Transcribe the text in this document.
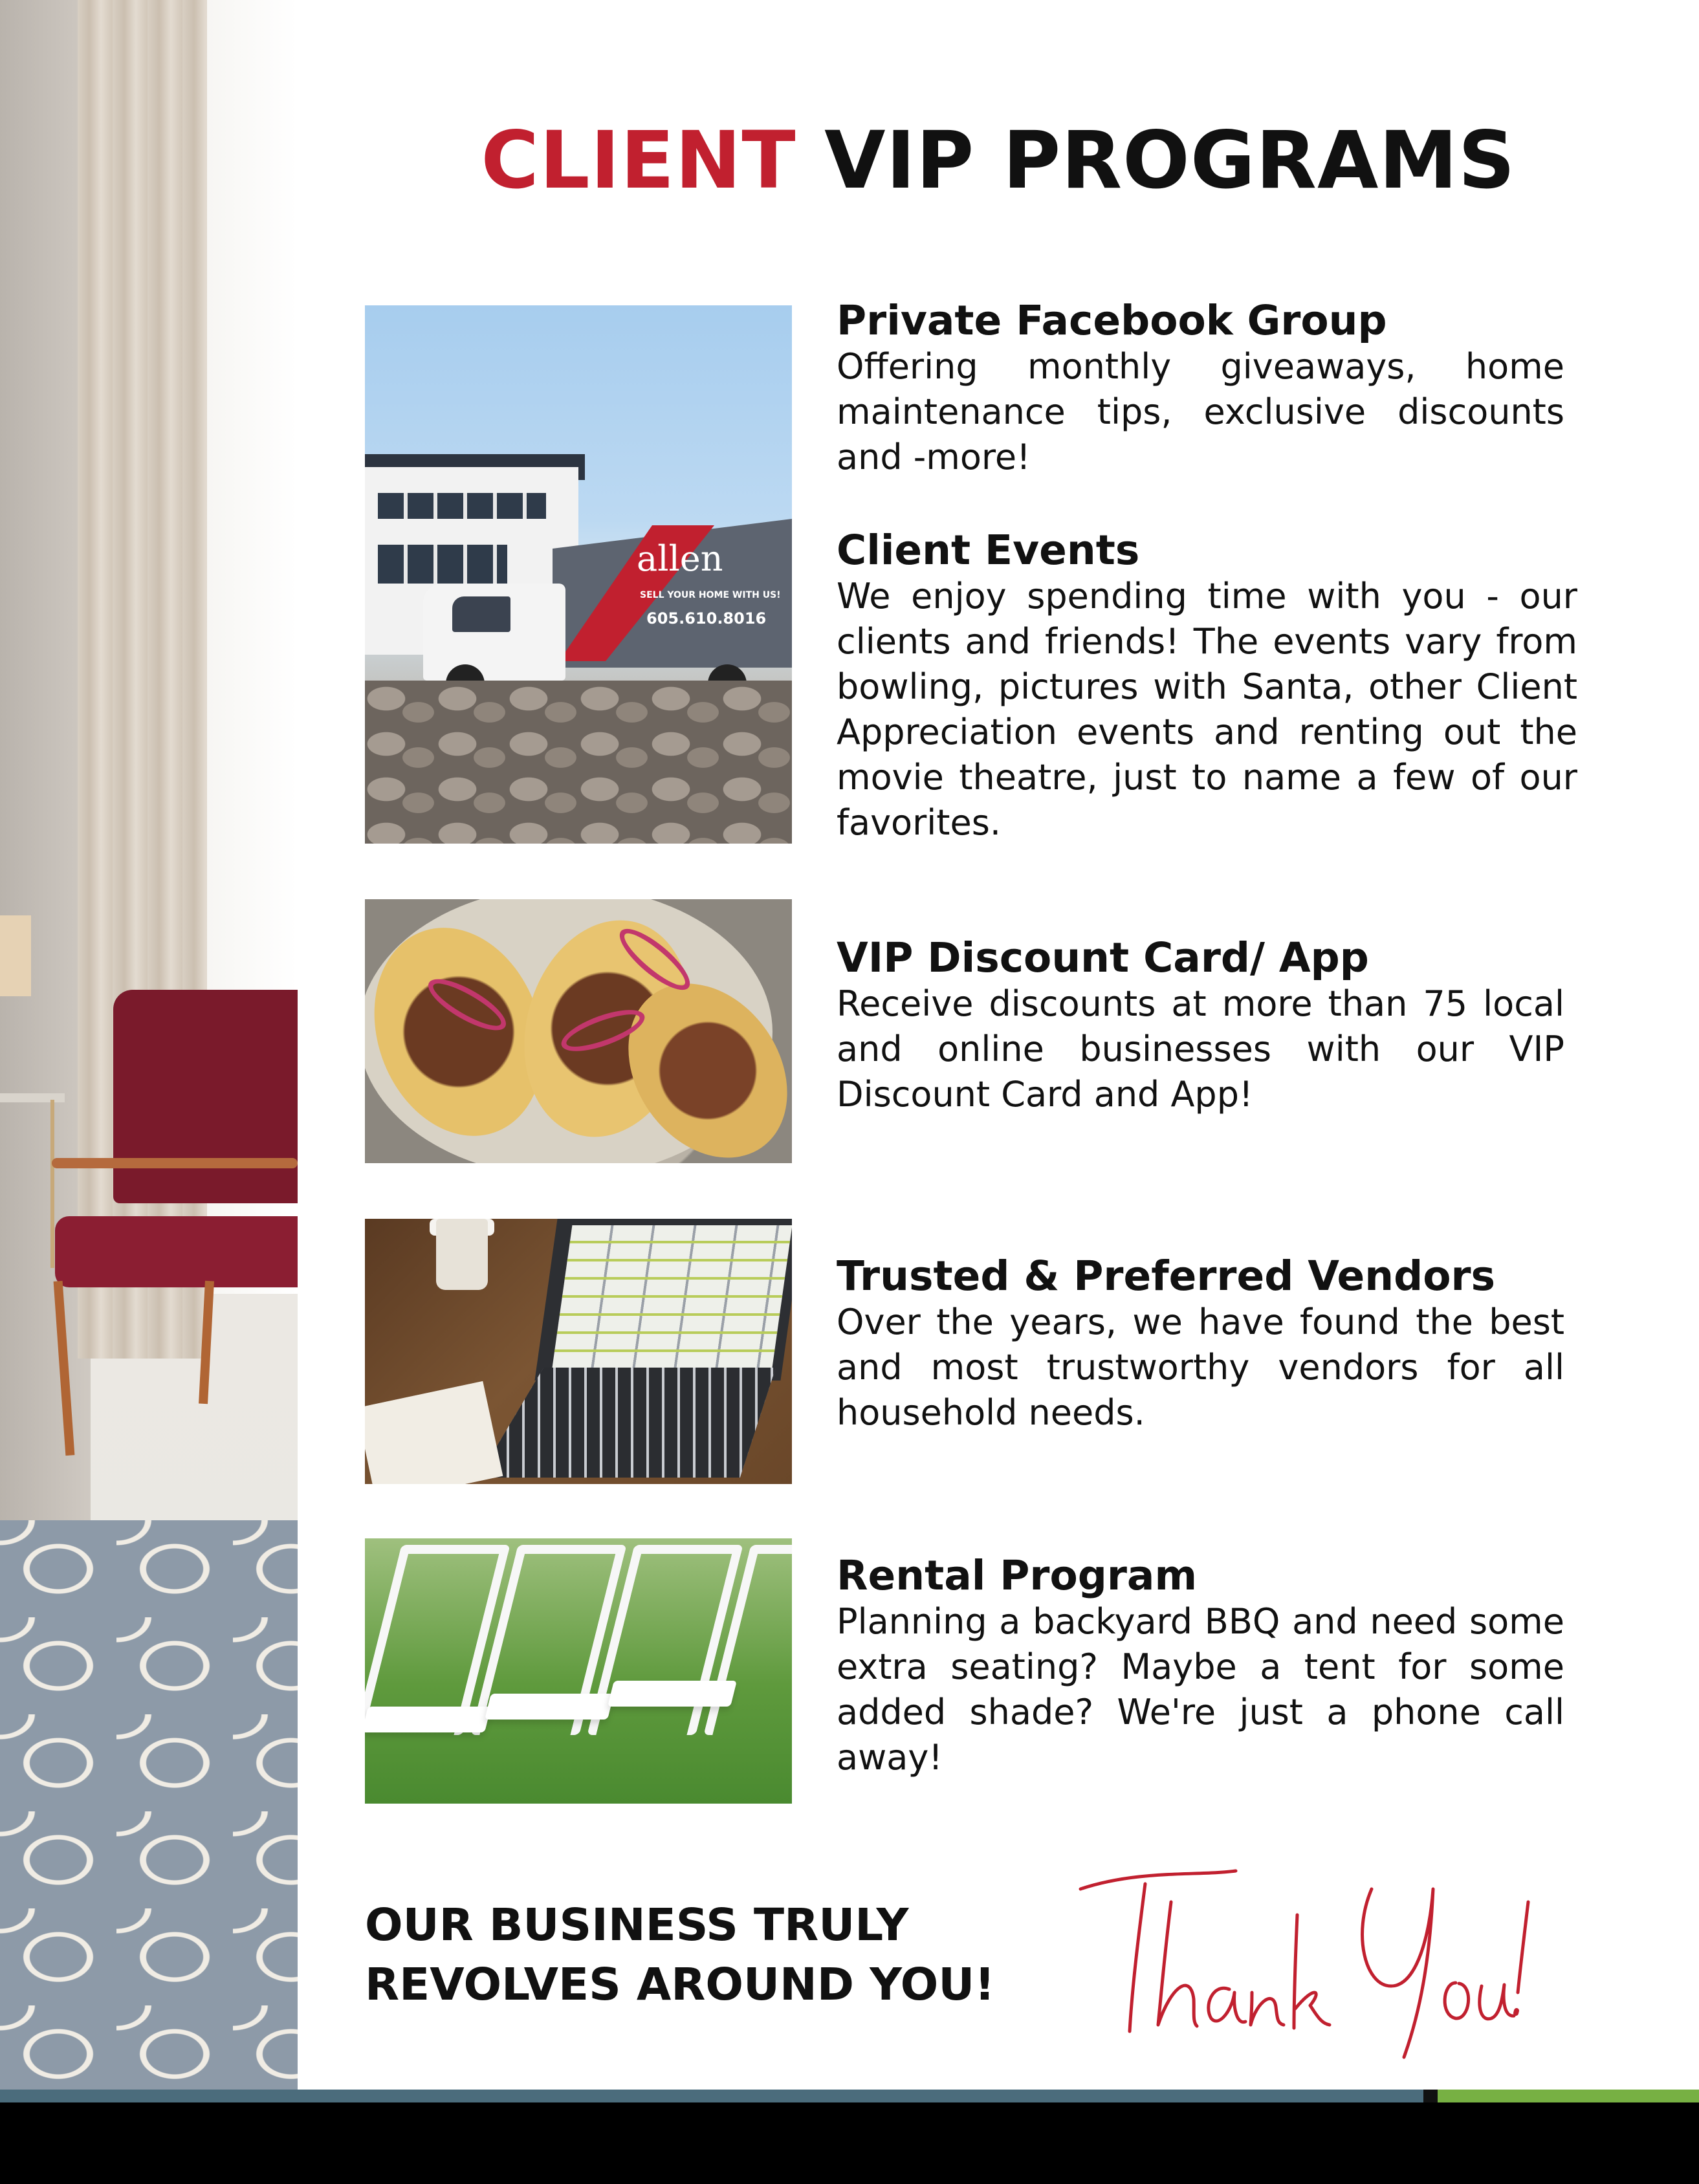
CLIENT VIP PROGRAMS
allen
SELL YOUR HOME WITH US!
605.610.8016
Private Facebook Group

Offering monthly giveaways, home maintenance tips, exclusive discounts and -more!

Client Events

We enjoy spending time with you - our clients and friends! The events vary from bowling, pictures with Santa, other Client Appreciation events and renting out the movie theatre, just to name a few of our favorites.

VIP Discount Card/ App

Receive discounts at more than 75 local and online businesses with our VIP Discount Card and App!

Trusted & Preferred Vendors

Over the years, we have found the best and most trustworthy vendors for all household needs.

Rental Program

Planning a backyard BBQ and need some extra seating? Maybe a tent for some added shade? We're just a phone call away!

OUR BUSINESS TRULY
REVOLVES AROUND YOU!
